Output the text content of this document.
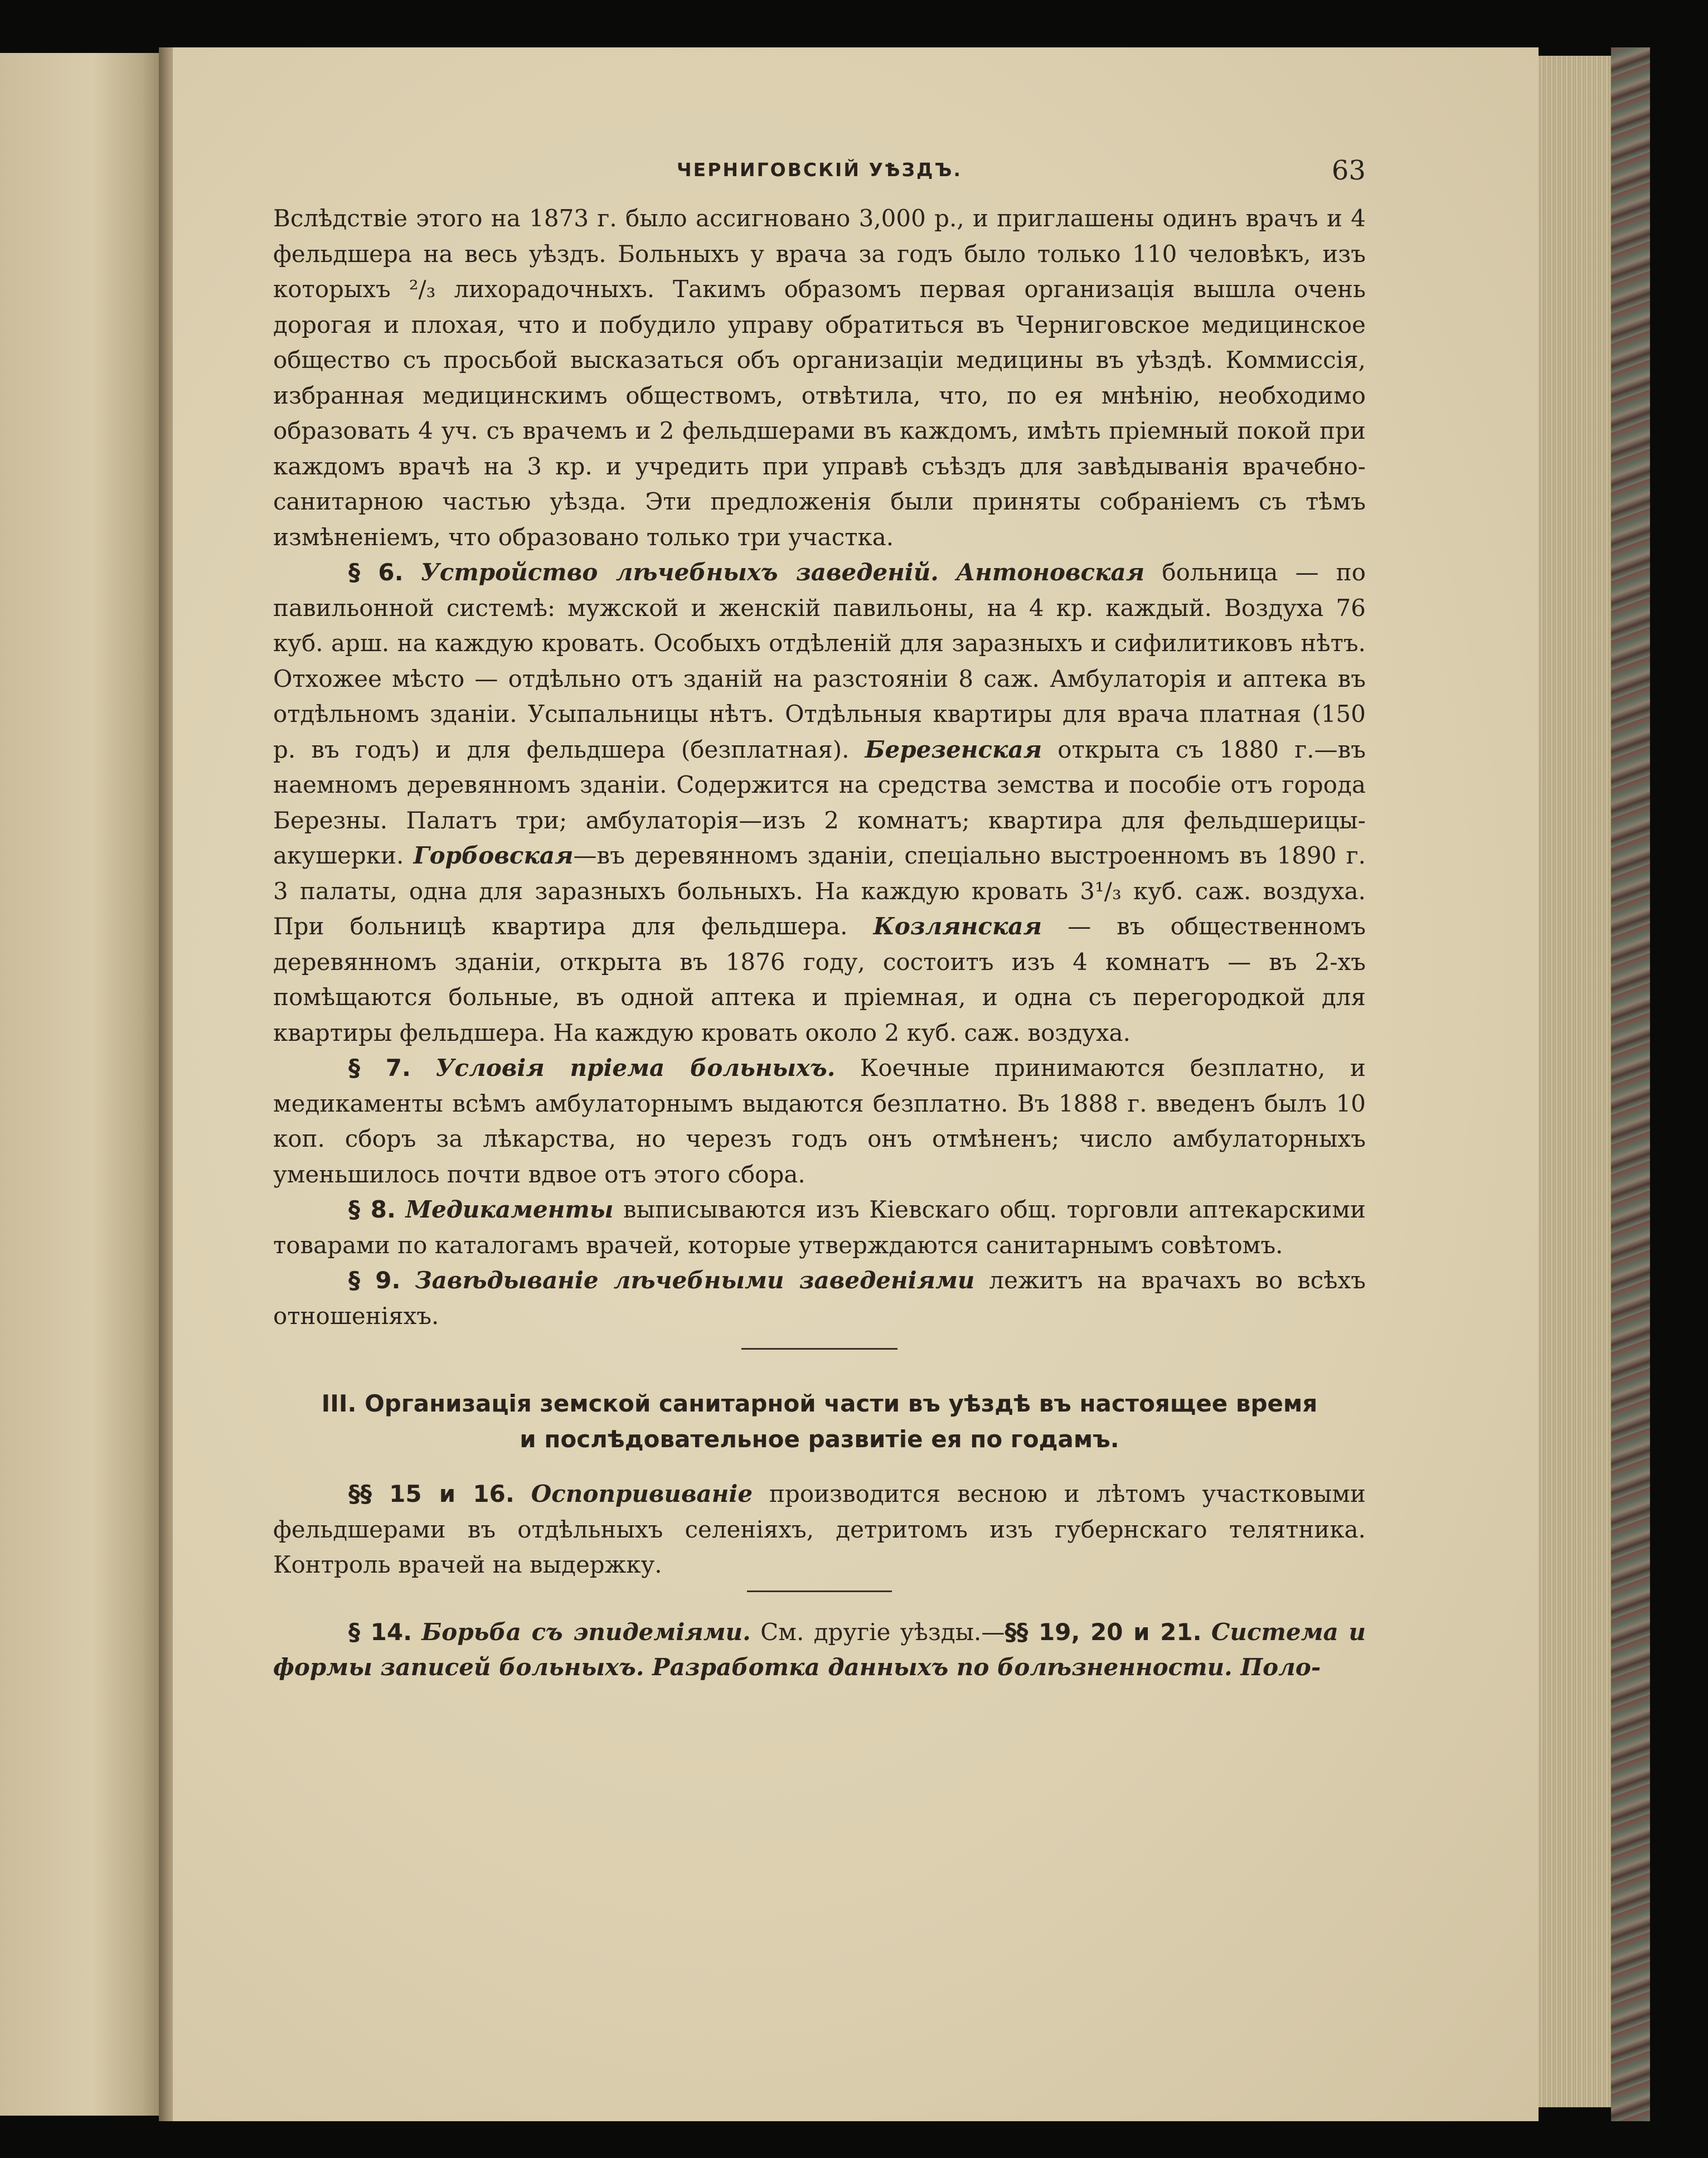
ЧЕРНИГОВСКІЙ УѢЗДЪ.	63

Вслѣдствіе этого на 1873 г. было ассигновано 3,000 р., и приглашены одинъ врачъ и 4 фельдшера на весь уѣздъ. Больныхъ у врача за годъ было только 110 человѣкъ, изъ которыхъ ²/₃ лихорадочныхъ. Такимъ образомъ первая организація вышла очень дорогая и плохая, что и побудило управу обратиться въ Черниговское медицинское общество съ просьбой высказаться объ организаціи медицины въ уѣздѣ. Коммиссія, избранная медицинскимъ обществомъ, отвѣтила, что, по ея мнѣнію, необходимо образовать 4 уч. съ врачемъ и 2 фельдшерами въ каждомъ, имѣть пріемный покой при каждомъ врачѣ на 3 кр. и учредить при управѣ съѣздъ для завѣдыванія врачебно-санитарною частью уѣзда. Эти предложенія были приняты собраніемъ съ тѣмъ измѣненіемъ, что образовано только три участка.

§ 6. Устройство лѣчебныхъ заведеній. Антоновская больница — по павильонной системѣ: мужской и женскій павильоны, на 4 кр. каждый. Воздуха 76 куб. арш. на каждую кровать. Особыхъ отдѣленій для заразныхъ и сифилитиковъ нѣтъ. Отхожее мѣсто — отдѣльно отъ зданій на разстояніи 8 саж. Амбулаторія и аптека въ отдѣльномъ зданіи. Усыпальницы нѣтъ. Отдѣльныя квартиры для врача платная (150 р. въ годъ) и для фельдшера (безплатная). Березенская открыта съ 1880 г.—въ наемномъ деревянномъ зданіи. Содержится на средства земства и пособіе отъ города Березны. Палатъ три; амбулаторія—изъ 2 комнатъ; квартира для фельдшерицы-акушерки. Горбовская—въ деревянномъ зданіи, спеціально выстроенномъ въ 1890 г. 3 палаты, одна для заразныхъ больныхъ. На каждую кровать 3¹/₃ куб. саж. воздуха. При больницѣ квартира для фельдшера. Козлянская — въ общественномъ деревянномъ зданіи, открыта въ 1876 году, состоитъ изъ 4 комнатъ — въ 2-хъ помѣщаются больные, въ одной аптека и пріемная, и одна съ перегородкой для квартиры фельдшера. На каждую кровать около 2 куб. саж. воздуха.

§ 7. Условія пріема больныхъ. Коечные принимаются безплатно, и медикаменты всѣмъ амбулаторнымъ выдаются безплатно. Въ 1888 г. введенъ былъ 10 коп. сборъ за лѣкарства, но черезъ годъ онъ отмѣненъ; число амбулаторныхъ уменьшилось почти вдвое отъ этого сбора.

§ 8. Медикаменты выписываются изъ Кіевскаго общ. торговли аптекарскими товарами по каталогамъ врачей, которые утверждаются санитарнымъ совѣтомъ.

§ 9. Завѣдываніе лѣчебными заведеніями лежитъ на врачахъ во всѣхъ отношеніяхъ.

III. Организація земской санитарной части въ уѣздѣ въ настоящее время
и послѣдовательное развитіе ея по годамъ.

§§ 15 и 16. Оспопрививаніе производится весною и лѣтомъ участковыми фельдшерами въ отдѣльныхъ селеніяхъ, детритомъ изъ губернскаго телятника. Контроль врачей на выдержку.

§ 14. Борьба съ эпидеміями. См. другіе уѣзды.—§§ 19, 20 и 21. Система и формы записей больныхъ. Разработка данныхъ по болѣзненности. Поло-
